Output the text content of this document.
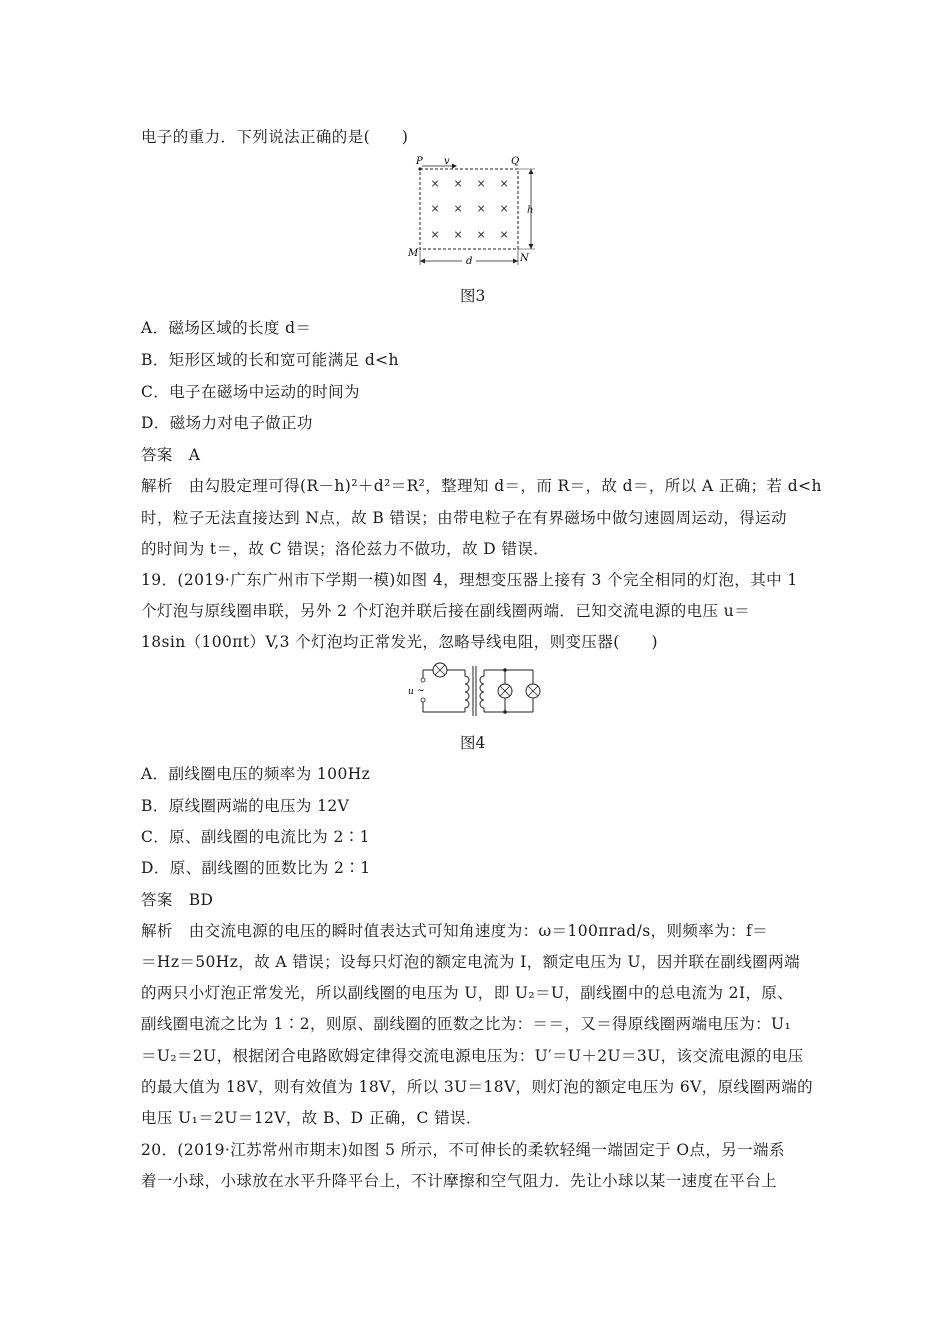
电子的重力．下列说法正确的是(　　)
P v	Q
M	N
h
d
× × × ×
× × × ×
× × × ×
图3
A．磁场区域的长度 d＝
B．矩形区域的长和宽可能满足 d<h
C．电子在磁场中运动的时间为
D．磁场力对电子做正功
答案　A
解析　由勾股定理可得(R－h)²＋d²＝R²，整理知 d＝，而 R＝，故 d＝，所以 A 正确；若 d<h
时，粒子无法直接达到 N点，故 B 错误；由带电粒子在有界磁场中做匀速圆周运动，得运动
的时间为 t＝，故 C 错误；洛伦兹力不做功，故 D 错误．
19．(2019·广东广州市下学期一模)如图 4，理想变压器上接有 3 个完全相同的灯泡，其中 1
个灯泡与原线圈串联，另外 2 个灯泡并联后接在副线圈两端．已知交流电源的电压 u＝
18sin（100πt）V,3 个灯泡均正常发光，忽略导线电阻，则变压器(　　)
u ~
图4
A．副线圈电压的频率为 100Hz
B．原线圈两端的电压为 12V
C．原、副线圈的电流比为 2∶1
D．原、副线圈的匝数比为 2∶1
答案　BD
解析　由交流电源的电压的瞬时值表达式可知角速度为：ω＝100πrad/s，则频率为：f＝
＝Hz＝50Hz，故 A 错误；设每只灯泡的额定电流为 I，额定电压为 U，因并联在副线圈两端
的两只小灯泡正常发光，所以副线圈的电压为 U，即 U₂＝U，副线圈中的总电流为 2I，原、
副线圈电流之比为 1∶2，则原、副线圈的匝数之比为：＝＝，又＝得原线圈两端电压为：U₁
＝U₂＝2U，根据闭合电路欧姆定律得交流电源电压为：U′＝U＋2U＝3U，该交流电源的电压
的最大值为 18V，则有效值为 18V，所以 3U＝18V，则灯泡的额定电压为 6V，原线圈两端的
电压 U₁＝2U＝12V，故 B、D 正确，C 错误．
20．(2019·江苏常州市期末)如图 5 所示，不可伸长的柔软轻绳一端固定于 O点，另一端系
着一小球，小球放在水平升降平台上，不计摩擦和空气阻力．先让小球以某一速度在平台上
